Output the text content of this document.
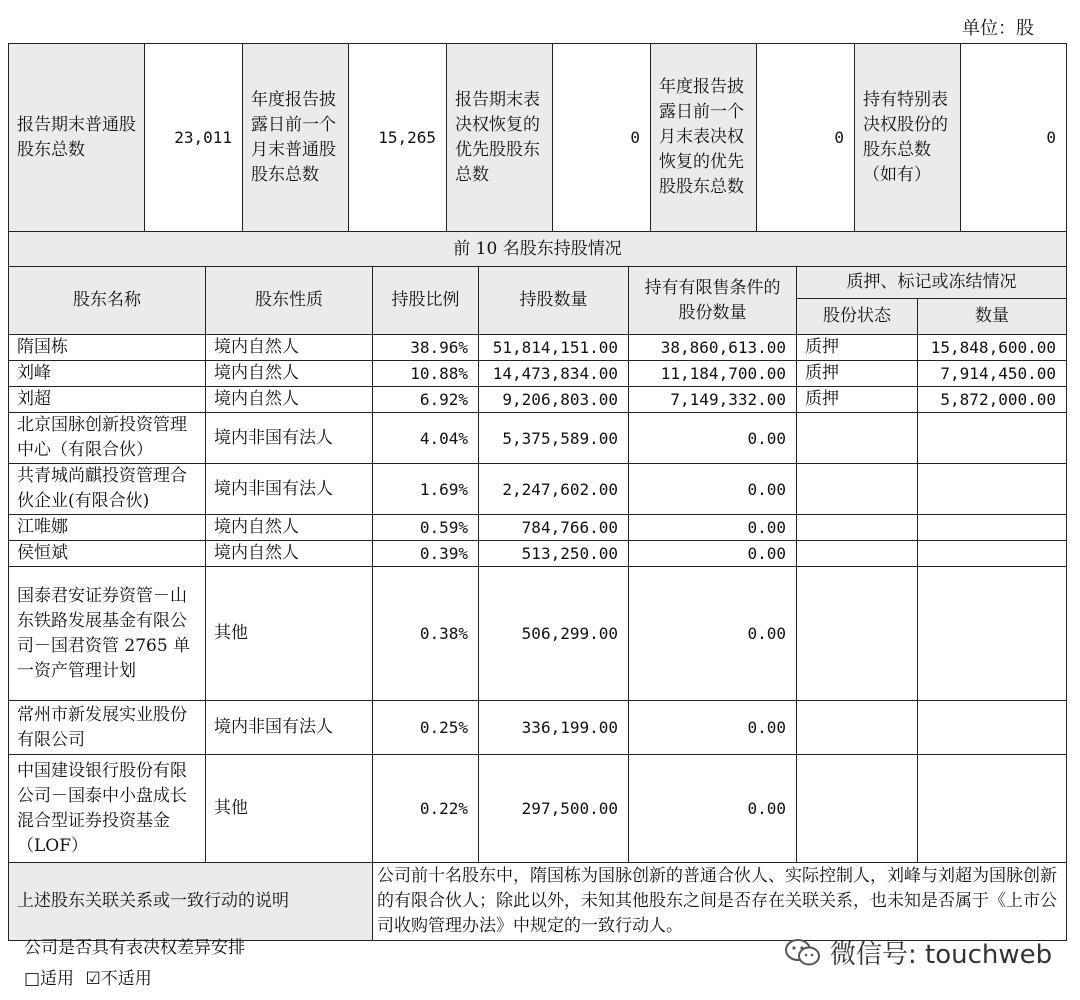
单位：股
报告期末普通股股东总数	23,011	年度报告披露日前一个月末普通股股东总数	15,265	报告期末表决权恢复的优先股股东总数	0	年度报告披露日前一个月末表决权恢复的优先股股东总数	0	持有特别表决权股份的股东总数（如有）	0
前 10 名股东持股情况
股东名称	股东性质	持股比例	持股数量	持有有限售条件的股份数量	质押、标记或冻结情况	
					股份状态	数量
隋国栋	境内自然人	38.96%	51,814,151.00	38,860,613.00	质押	15,848,600.00
刘峰	境内自然人	10.88%	14,473,834.00	11,184,700.00	质押	7,914,450.00
刘超	境内自然人	6.92%	9,206,803.00	7,149,332.00	质押	5,872,000.00
北京国脉创新投资管理中心（有限合伙）	境内非国有法人	4.04%	5,375,589.00	0.00		
共青城尚麒投资管理合伙企业(有限合伙)	境内非国有法人	1.69%	2,247,602.00	0.00		
江唯娜	境内自然人	0.59%	784,766.00	0.00		
侯恒斌	境内自然人	0.39%	513,250.00	0.00		
国泰君安证券资管－山东铁路发展基金有限公司－国君资管 2765 单一资产管理计划	其他	0.38%	506,299.00	0.00		
常州市新发展实业股份有限公司	境内非国有法人	0.25%	336,199.00	0.00		
中国建设银行股份有限公司－国泰中小盘成长混合型证券投资基金（LOF）	其他	0.22%	297,500.00	0.00		
上述股东关联关系或一致行动的说明		公司前十名股东中，隋国栋为国脉创新的普通合伙人、实际控制人，刘峰与刘超为国脉创新的有限合伙人；除此以外，未知其他股东之间是否存在关联关系，也未知是否属于《上市公司收购管理办法》中规定的一致行动人。				
公司是否具有表决权差异安排
□适用 ☑不适用
微信号: touchweb
